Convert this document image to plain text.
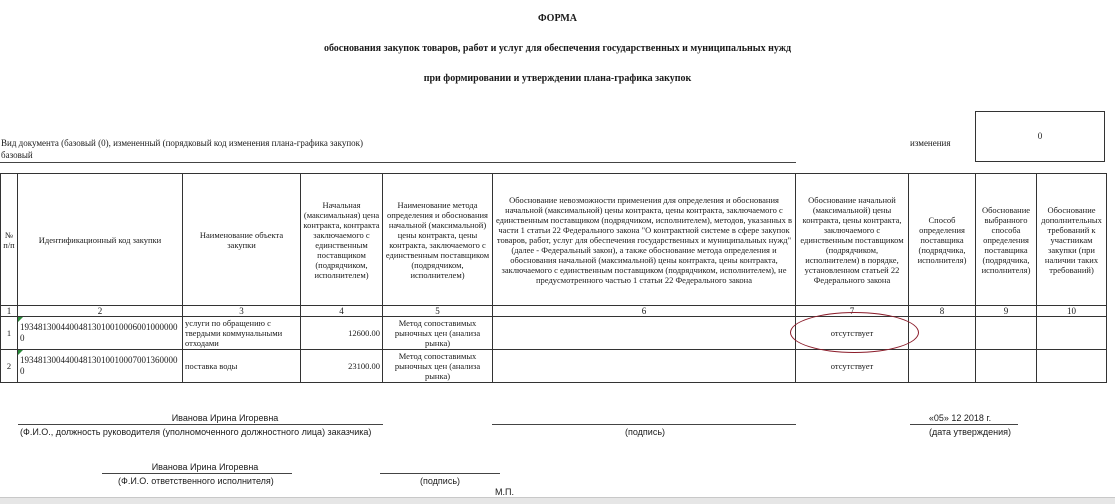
ФОРМА
обоснования закупок товаров, работ и услуг для обеспечения государственных и муниципальных нужд
при формировании и утверждении плана-графика закупок
Вид документа (базовый (0), измененный (порядковый код изменения плана-графика закупок)
базовый
изменения
0
№ п/п	Идентификационный код закупки	Наименование объекта закупки	Начальная (максимальная) цена контракта, контракта заключаемого с единственным поставщиком (подрядчиком, исполнителем)	Наименование метода определения и обоснования начальной (максимальной) цены контракта, цены контракта, заключаемого с единственным поставщиком (подрядчиком, исполнителем)	Обоснование невозможности применения для определения и обоснования начальной (максимальной) цены контракта, цены контракта, заключаемого с единственным поставщиком (подрядчиком, исполнителем), методов, указанных в части 1 статьи 22 Федерального закона "О контрактной системе в сфере закупок товаров, работ, услуг для обеспечения государственных и муниципальных нужд" (далее - Федеральный закон), а также обоснование метода определения и обоснования начальной (максимальной) цены контракта, цены контракта, заключаемого с единственным поставщиком (подрядчиком, исполнителем), не предусмотренного частью 1 статьи 22 Федерального закона	Обоснование начальной (максимальной) цены контракта, цены контракта, заключаемого с единственным поставщиком (подрядчиком, исполнителем) в порядке, установленном статьей 22 Федерального закона	Способ определения поставщика (подрядчика, исполнителя)	Обоснование выбранного способа определения поставщика (подрядчика, исполнителя)	Обоснование дополнительных требований к участникам закупки (при наличии таких требований)
1	2	3	4	5	6	7	8	9	10
1	193481300440048130100100060010000000	услуги по обращению с твердыми коммунальными отходами	12600.00	Метод сопоставимых рыночных цен (анализа рынка)		отсутствует			
2	193481300440048130100100070013600000	поставка воды	23100.00	Метод сопоставимых рыночных цен (анализа рынка)		отсутствует			
Иванова Ирина Игоревна
(Ф.И.О., должность руководителя (уполномоченного должностного лица) заказчика)	(подпись)
«05» 12 2018 г.
(дата утверждения)
Иванова Ирина Игоревна
(Ф.И.О. ответственного исполнителя)	(подпись)
М.П.
